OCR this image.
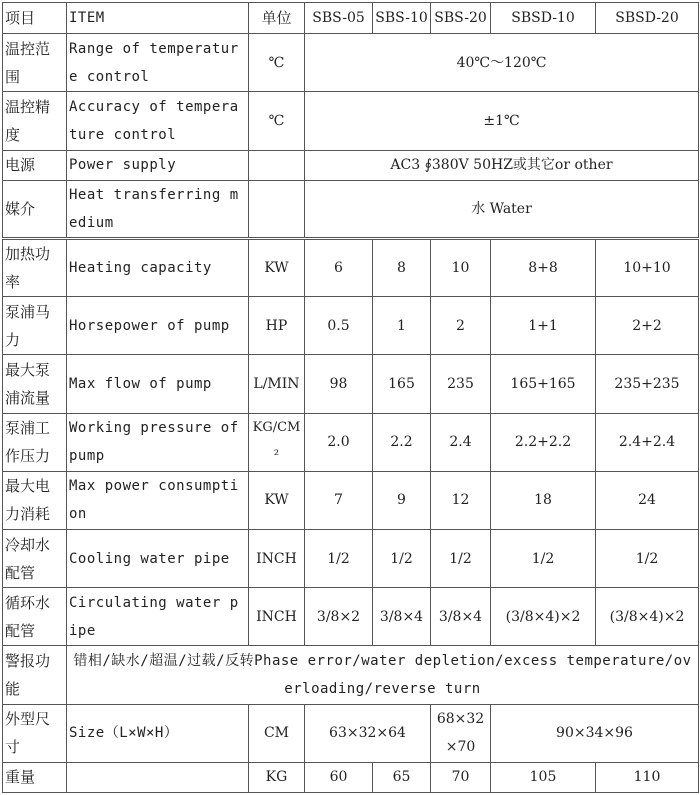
项目	ITEM	单位	SBS-05	SBS-10	SBS-20	SBSD-10	SBSD-20
温控范围	Range of temperature control	℃	40℃～120℃				
温控精度	Accuracy of temperature control	℃	±1℃				
电源	Power supply		AC3 ∮380V 50HZ或其它or other				
媒介	Heat transferring medium		水 Water				
加热功率	Heating capacity	KW	6	8	10	8+8	10+10
泵浦马力	Horsepower of pump	HP	0.5	1	2	1+1	2+2
最大泵浦流量	Max flow of pump	L/MIN	98	165	235	165+165	235+235
泵浦工作压力	Working pressure of pump	KG/CM²	2.0	2.2	2.4	2.2+2.2	2.4+2.4
最大电力消耗	Max power consumption	KW	7	9	12	18	24
冷却水配管	Cooling water pipe	INCH	1/2	1/2	1/2	1/2	1/2
循环水配管	Circulating water pipe	INCH	3/8×2	3/8×4	3/8×4	(3/8×4)×2	(3/8×4)×2
警报功能	错相/缺水/超温/过载/反转Phase error/water depletion/excess temperature/overloading/reverse turn						
外型尺寸	Size（L×W×H）	CM	63×32×64		68×32×70	90×34×96	
重量		KG	60	65	70	105	110
